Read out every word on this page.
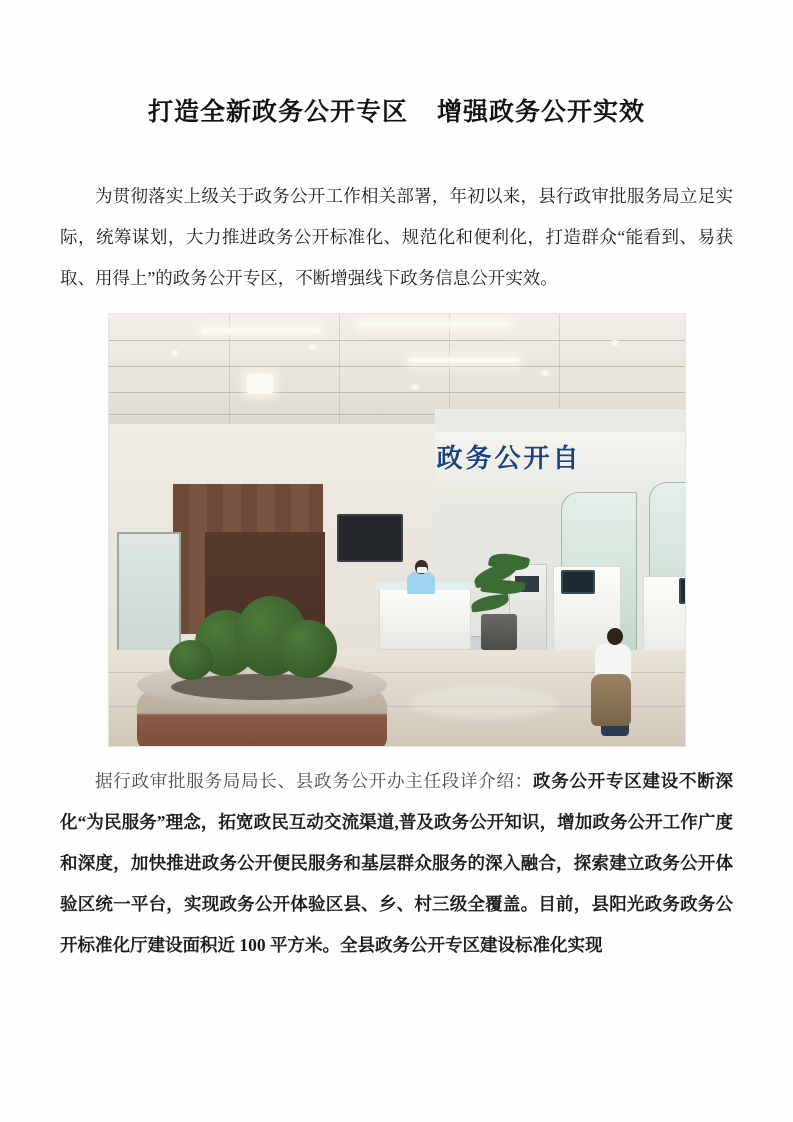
打造全新政务公开专区    增强政务公开实效

为贯彻落实上级关于政务公开工作相关部署，年初以来，县行政审批服务局立足实际，统筹谋划，大力推进政务公开标准化、规范化和便利化，打造群众“能看到、易获取、用得上”的政务公开专区，不断增强线下政务信息公开实效。

政务公开自

据行政审批服务局局长、县政务公开办主任段详介绍：政务公开专区建设不断深化“为民服务”理念，拓宽政民互动交流渠道,普及政务公开知识，增加政务公开工作广度和深度，加快推进政务公开便民服务和基层群众服务的深入融合，探索建立政务公开体验区统一平台，实现政务公开体验区县、乡、村三级全覆盖。目前，县阳光政务政务公开标准化厅建设面积近 100 平方米。全县政务公开专区建设标准化实现
